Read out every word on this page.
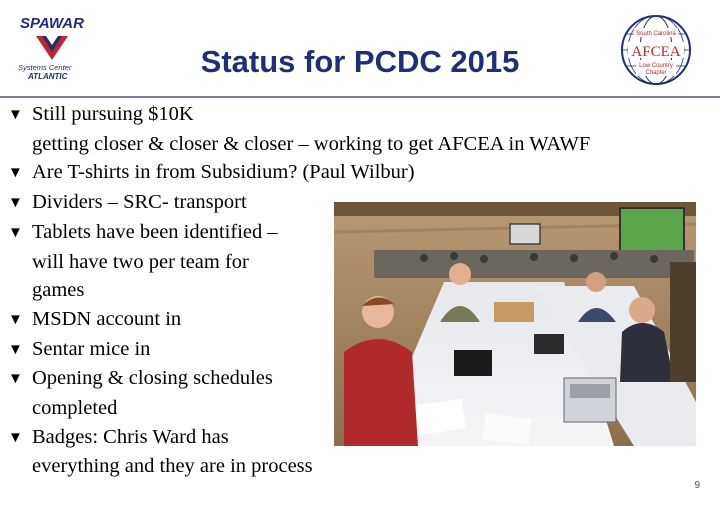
SPAWAR
Systems Center
ATLANTIC	Status for PCDC 2015
South Carolina
AFCEA
Low Country
Chapter
▼ Still pursuing $10K
getting closer & closer & closer – working to get AFCEA in WAWF
▼ Are T-shirts in from Subsidium? (Paul Wilbur)
▼ Dividers – SRC- transport
▼ Tablets have been identified –
will have two per team for
games
▼ MSDN account in
▼ Sentar mice in
▼ Opening & closing schedules
completed
▼ Badges: Chris Ward has
everything and they are in process
9
